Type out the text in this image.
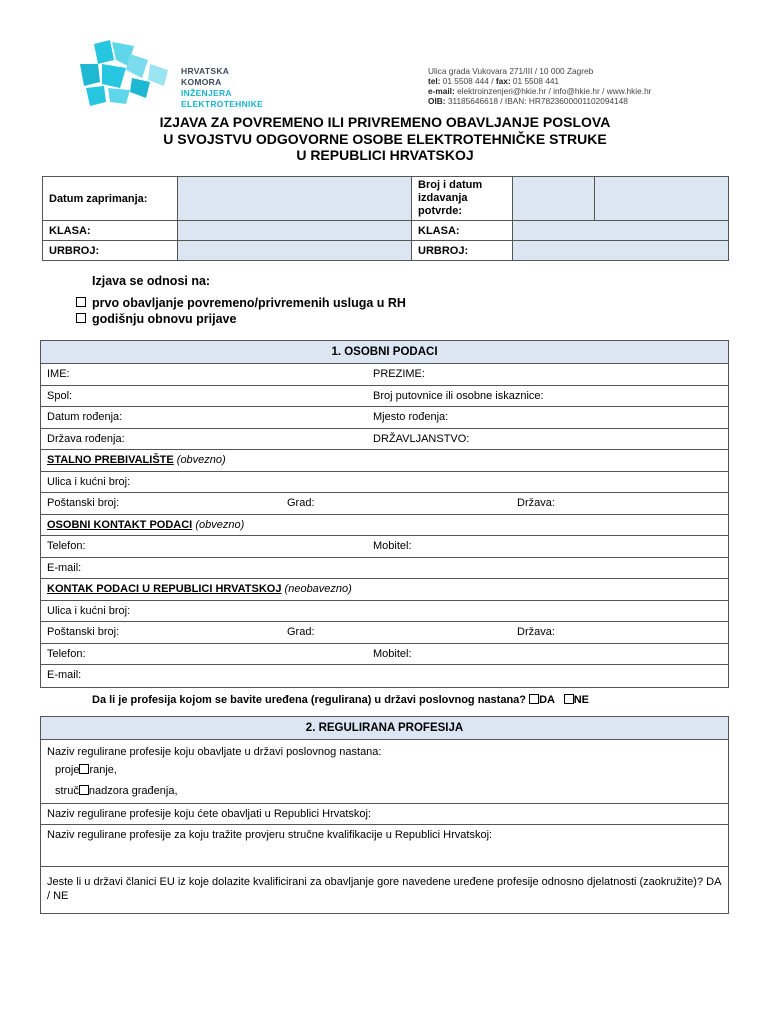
HRVATSKA
KOMORA
INŽENJERA
ELEKTROTEHNIKE
Ulica grada Vukovara 271/III / 10 000 Zagreb
tel: 01 5508 444 / fax: 01 5508 441
e-mail: elektroinzenjeri@hkie.hr / info@hkie.hr / www.hkie.hr
OIB: 31185646618 / IBAN: HR7823600001102094148
IZJAVA ZA POVREMENO ILI PRIVREMENO OBAVLJANJE POSLOVA
U SVOJSTVU ODGOVORNE OSOBE ELEKTROTEHNIČKE STRUKE
U REPUBLICI HRVATSKOJ
Datum zaprimanja:		Broj i datum
izdavanja
potvrde:		

KLASA:		KLASA:		
URBROJ:		URBROJ:		
Izjava se odnosi na:
prvo obavljanje povremeno/privremenih usluga u RH
godišnju obnovu prijave
1. OSOBNI PODACI
IME:	PREZIME:
Spol:	Broj putovnice ili osobne iskaznice:
Datum rođenja:	Mjesto rođenja:
Država rođenja:	DRŽAVLJANSTVO:
STALNO PREBIVALIŠTE (obvezno)
Ulica i kućni broj:
Poštanski broj:	Grad:	Država:
OSOBNI KONTAKT PODACI (obvezno)
Telefon:	Mobitel:
E-mail:
KONTAK PODACI U REPUBLICI HRVATSKOJ (neobavezno)
Ulica i kućni broj:
Poštanski broj:	Grad:	Država:
Telefon:	Mobitel:
E-mail:
Da li je profesija kojom se bavite uređena (regulirana) u državi poslovnog nastana? DA NE
2. REGULIRANA PROFESIJA
Naziv regulirane profesije koju obavljate u državi poslovnog nastana:
proje ranje,
struč nadzora građenja,
Naziv regulirane profesije koju ćete obavljati u Republici Hrvatskoj:
Naziv regulirane profesije za koju tražite provjeru stručne kvalifikacije u Republici Hrvatskoj:
Jeste li u državi članici EU iz koje dolazite kvalificirani za obavljanje gore navedene uređene profesije odnosno djelatnosti (zaokružite)? DA / NE
